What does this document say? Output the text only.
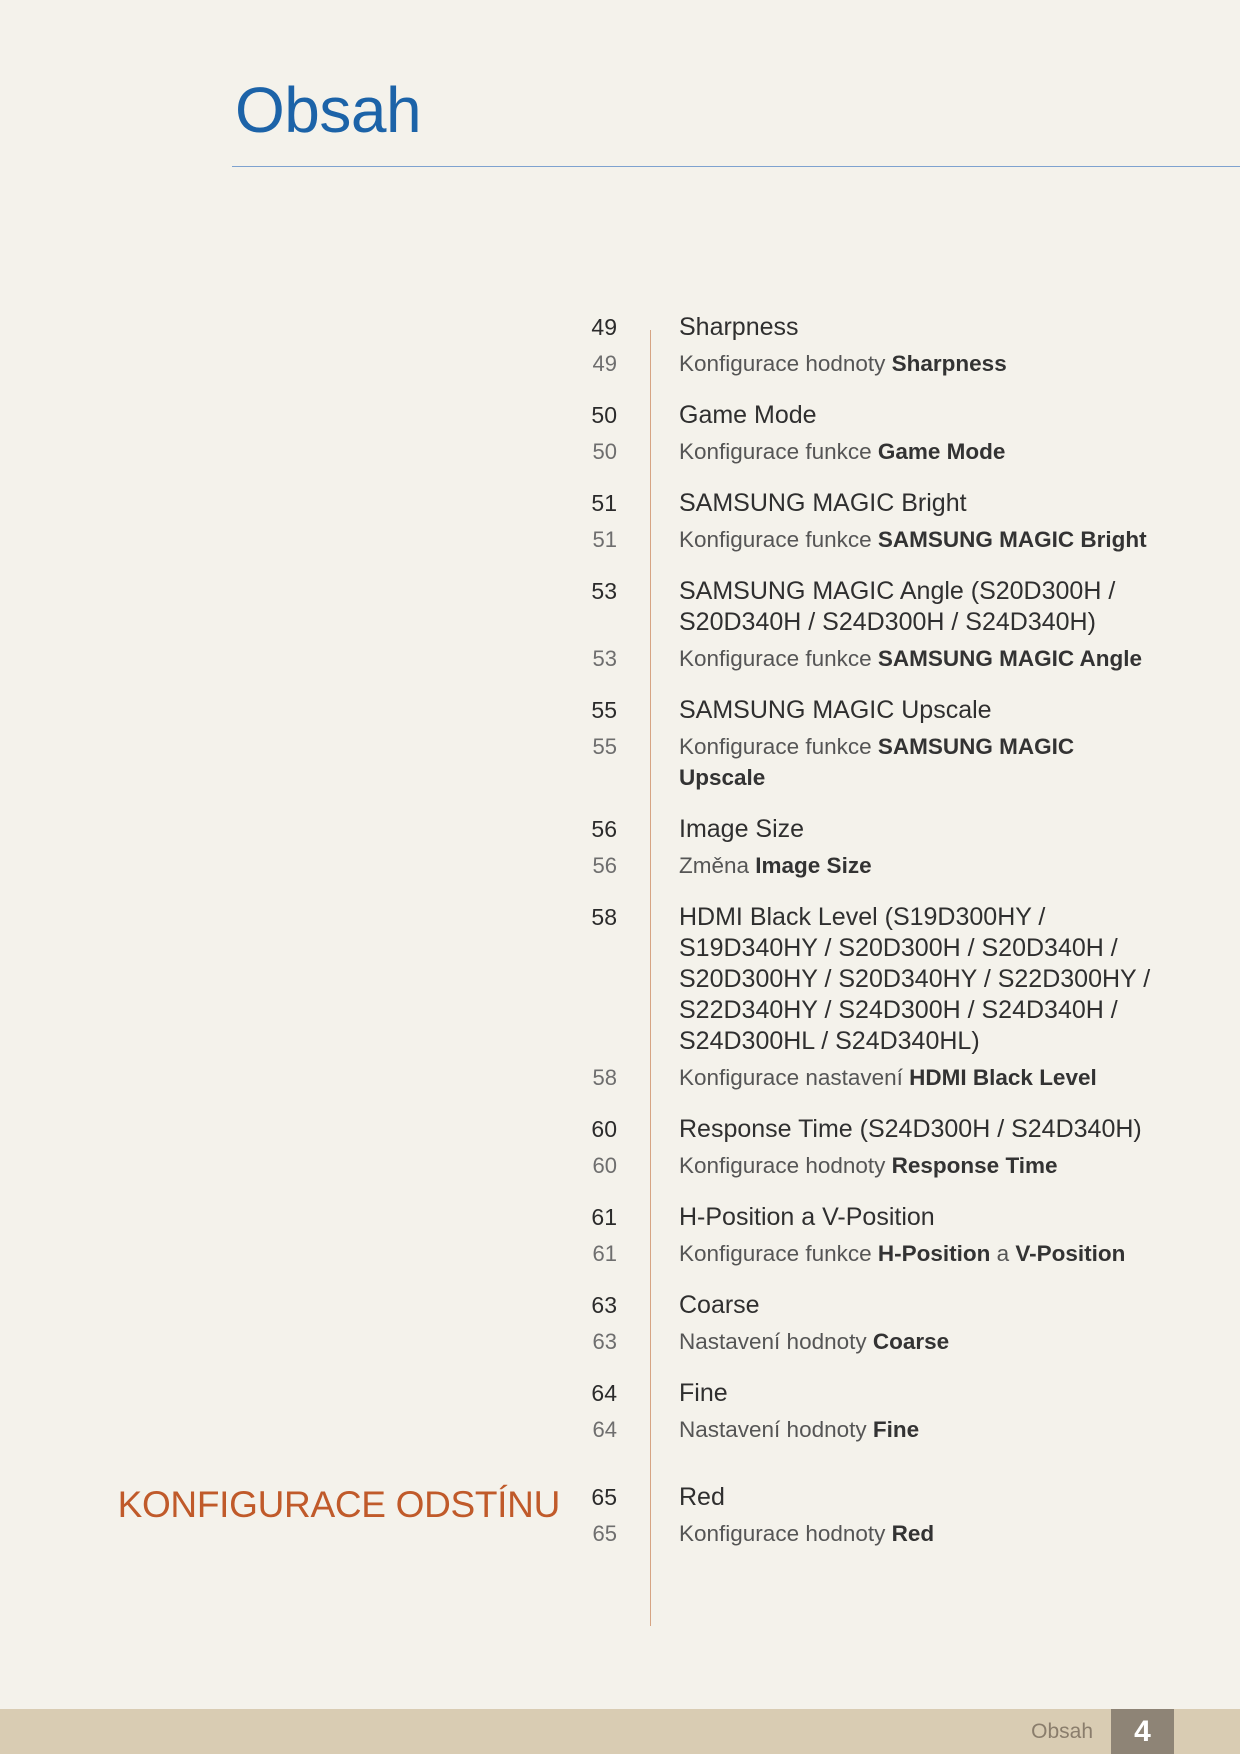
Obsah
KONFIGURACE ODSTÍNU
49 Sharpness
49	Konfigurace hodnoty Sharpness
50 Game Mode
50	Konfigurace funkce Game Mode
51 SAMSUNG MAGIC Bright
51	Konfigurace funkce SAMSUNG MAGIC Bright
53 SAMSUNG MAGIC Angle (S20D300H / S20D340H / S24D300H / S24D340H)
53	Konfigurace funkce SAMSUNG MAGIC Angle
55 SAMSUNG MAGIC Upscale
55	Konfigurace funkce SAMSUNG MAGIC Upscale
56 Image Size
56	Změna Image Size
58 HDMI Black Level (S19D300HY / S19D340HY / S20D300H / S20D340H / S20D300HY / S20D340HY / S22D300HY / S22D340HY / S24D300H / S24D340H / S24D300HL / S24D340HL)
58	Konfigurace nastavení HDMI Black Level
60 Response Time (S24D300H / S24D340H)
60	Konfigurace hodnoty Response Time
61 H-Position a V-Position
61	Konfigurace funkce H-Position a V-Position
63 Coarse
63	Nastavení hodnoty Coarse
64 Fine
64	Nastavení hodnoty Fine
65 Red
65	Konfigurace hodnoty Red
Obsah	4
